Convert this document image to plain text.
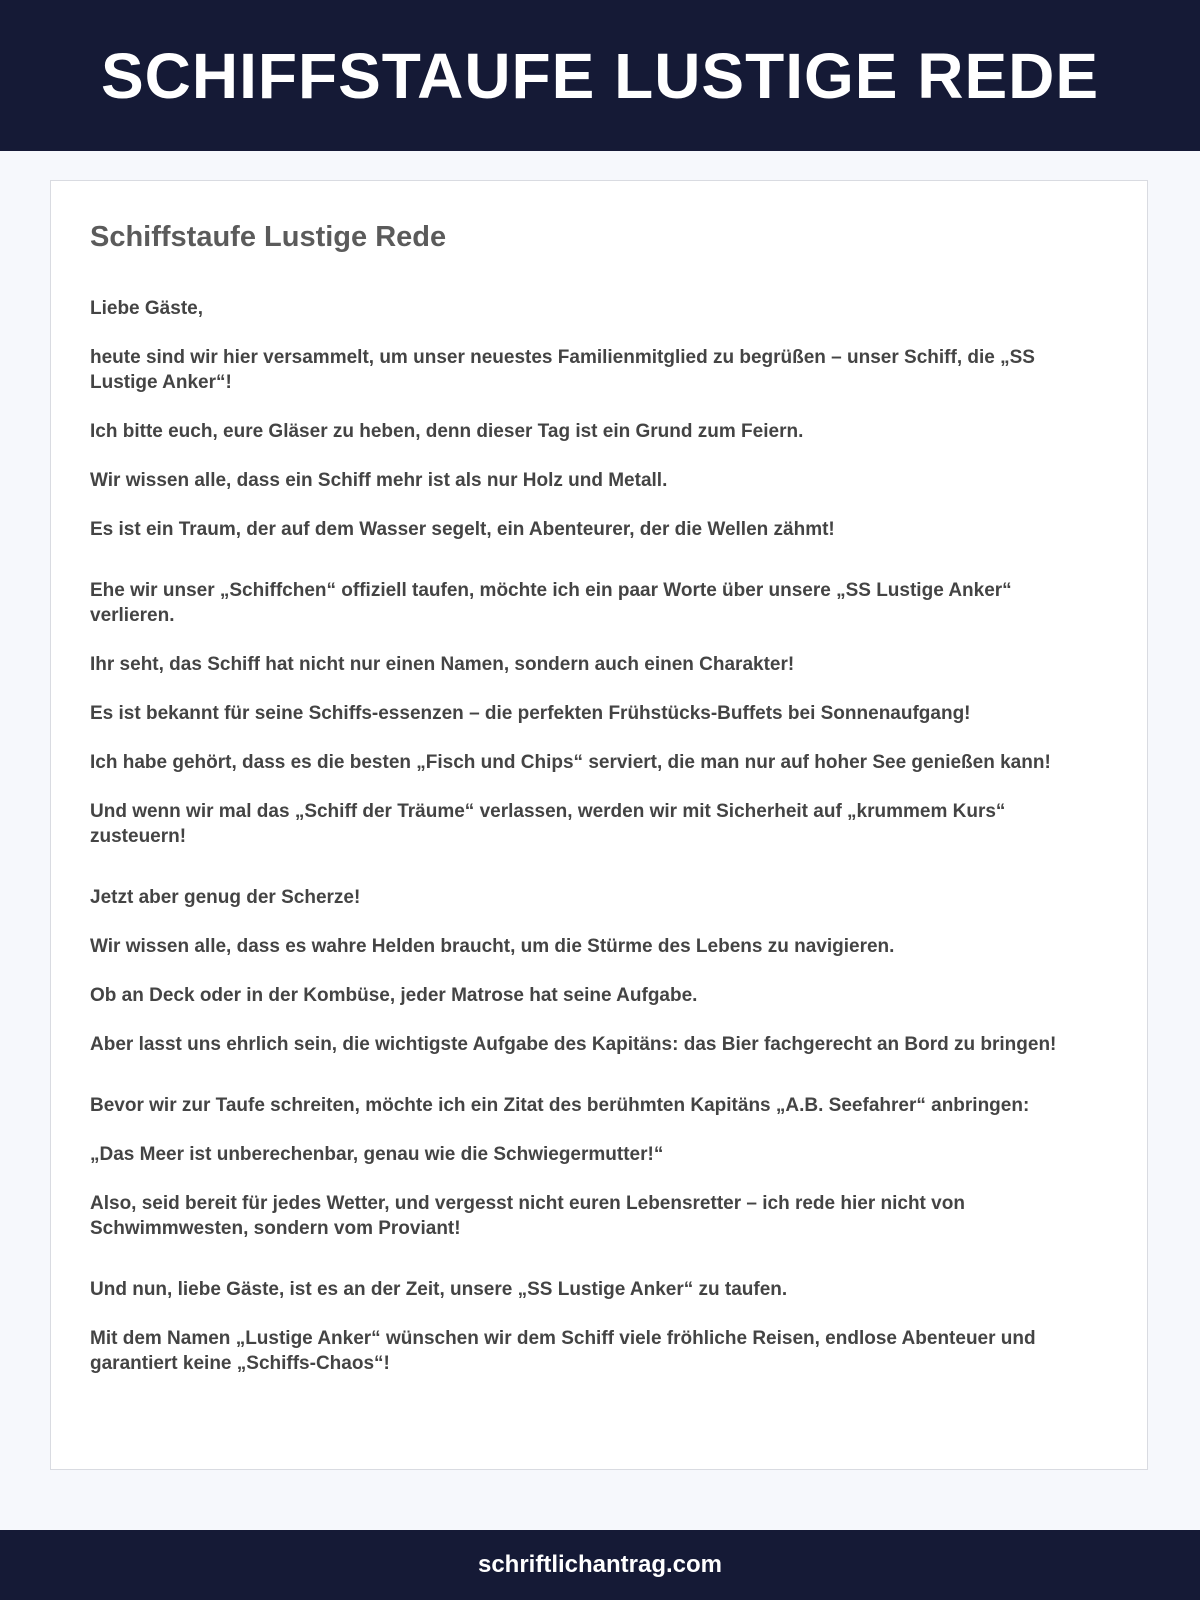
SCHIFFSTAUFE LUSTIGE REDE
Schiffstaufe Lustige Rede

Liebe Gäste,

heute sind wir hier versammelt, um unser neuestes Familienmitglied zu begrüßen – unser Schiff, die „SS Lustige Anker“!

Ich bitte euch, eure Gläser zu heben, denn dieser Tag ist ein Grund zum Feiern.

Wir wissen alle, dass ein Schiff mehr ist als nur Holz und Metall.

Es ist ein Traum, der auf dem Wasser segelt, ein Abenteurer, der die Wellen zähmt!

Ehe wir unser „Schiffchen“ offiziell taufen, möchte ich ein paar Worte über unsere „SS Lustige Anker“ verlieren.

Ihr seht, das Schiff hat nicht nur einen Namen, sondern auch einen Charakter!

Es ist bekannt für seine Schiffs-essenzen – die perfekten Frühstücks-Buffets bei Sonnenaufgang!

Ich habe gehört, dass es die besten „Fisch und Chips“ serviert, die man nur auf hoher See genießen kann!

Und wenn wir mal das „Schiff der Träume“ verlassen, werden wir mit Sicherheit auf „krummem Kurs“ zusteuern!

Jetzt aber genug der Scherze!

Wir wissen alle, dass es wahre Helden braucht, um die Stürme des Lebens zu navigieren.

Ob an Deck oder in der Kombüse, jeder Matrose hat seine Aufgabe.

Aber lasst uns ehrlich sein, die wichtigste Aufgabe des Kapitäns: das Bier fachgerecht an Bord zu bringen!

Bevor wir zur Taufe schreiten, möchte ich ein Zitat des berühmten Kapitäns „A.B. Seefahrer“ anbringen:

„Das Meer ist unberechenbar, genau wie die Schwiegermutter!“

Also, seid bereit für jedes Wetter, und vergesst nicht euren Lebensretter – ich rede hier nicht von Schwimmwesten, sondern vom Proviant!

Und nun, liebe Gäste, ist es an der Zeit, unsere „SS Lustige Anker“ zu taufen.

Mit dem Namen „Lustige Anker“ wünschen wir dem Schiff viele fröhliche Reisen, endlose Abenteuer und garantiert keine „Schiffs-Chaos“!

schriftlichantrag.com
